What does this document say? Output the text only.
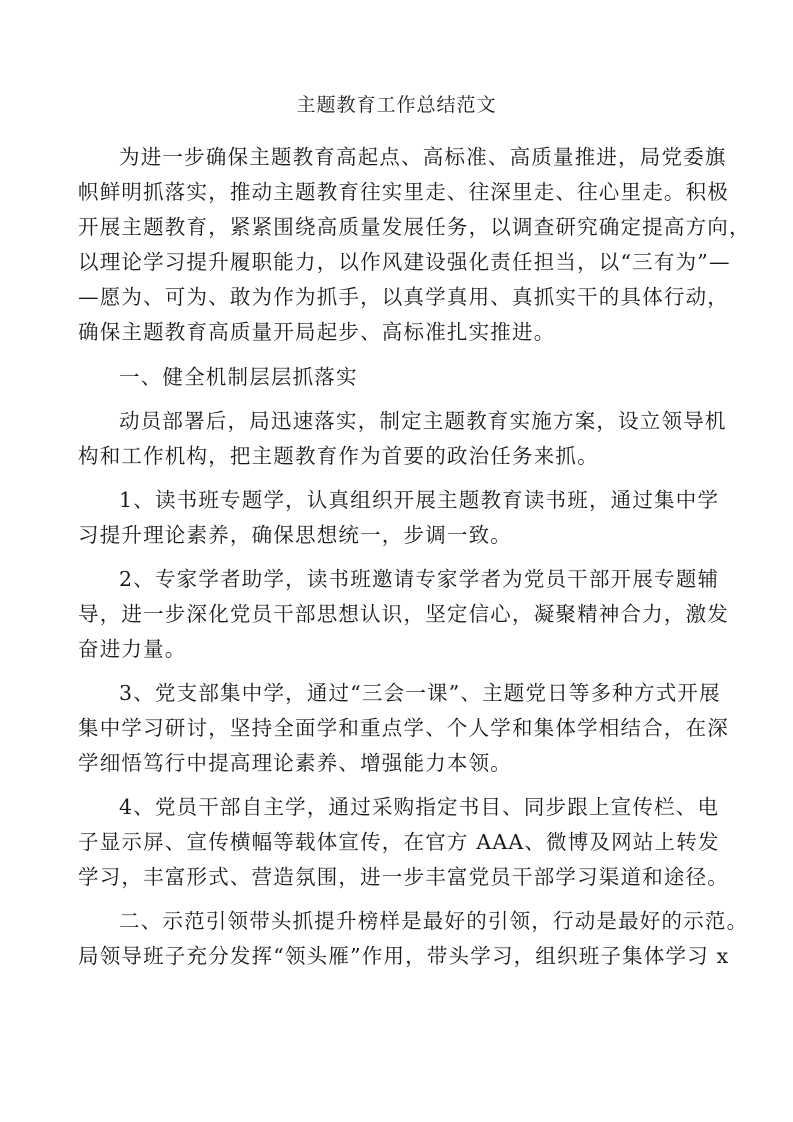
主题教育工作总结范文
为进一步确保主题教育高起点、高标准、高质量推进，局党委旗
帜鲜明抓落实，推动主题教育往实里走、往深里走、往心里走。积极
开展主题教育，紧紧围绕高质量发展任务，以调查研究确定提高方向，
以理论学习提升履职能力，以作风建设强化责任担当，以“三有为”—
—愿为、可为、敢为作为抓手，以真学真用、真抓实干的具体行动，
确保主题教育高质量开局起步、高标准扎实推进。
一、健全机制层层抓落实
动员部署后，局迅速落实，制定主题教育实施方案，设立领导机
构和工作机构，把主题教育作为首要的政治任务来抓。
1、读书班专题学，认真组织开展主题教育读书班，通过集中学
习提升理论素养，确保思想统一，步调一致。
2、专家学者助学，读书班邀请专家学者为党员干部开展专题辅
导，进一步深化党员干部思想认识，坚定信心，凝聚精神合力，激发
奋进力量。
3、党支部集中学，通过“三会一课”、主题党日等多种方式开展
集中学习研讨，坚持全面学和重点学、个人学和集体学相结合，在深
学细悟笃行中提高理论素养、增强能力本领。
4、党员干部自主学，通过采购指定书目、同步跟上宣传栏、电
子显示屏、宣传横幅等载体宣传，在官方 AAA、微博及网站上转发
学习，丰富形式、营造氛围，进一步丰富党员干部学习渠道和途径。
二、示范引领带头抓提升榜样是最好的引领，行动是最好的示范。
局领导班子充分发挥“领头雁”作用，带头学习，组织班子集体学习 x
